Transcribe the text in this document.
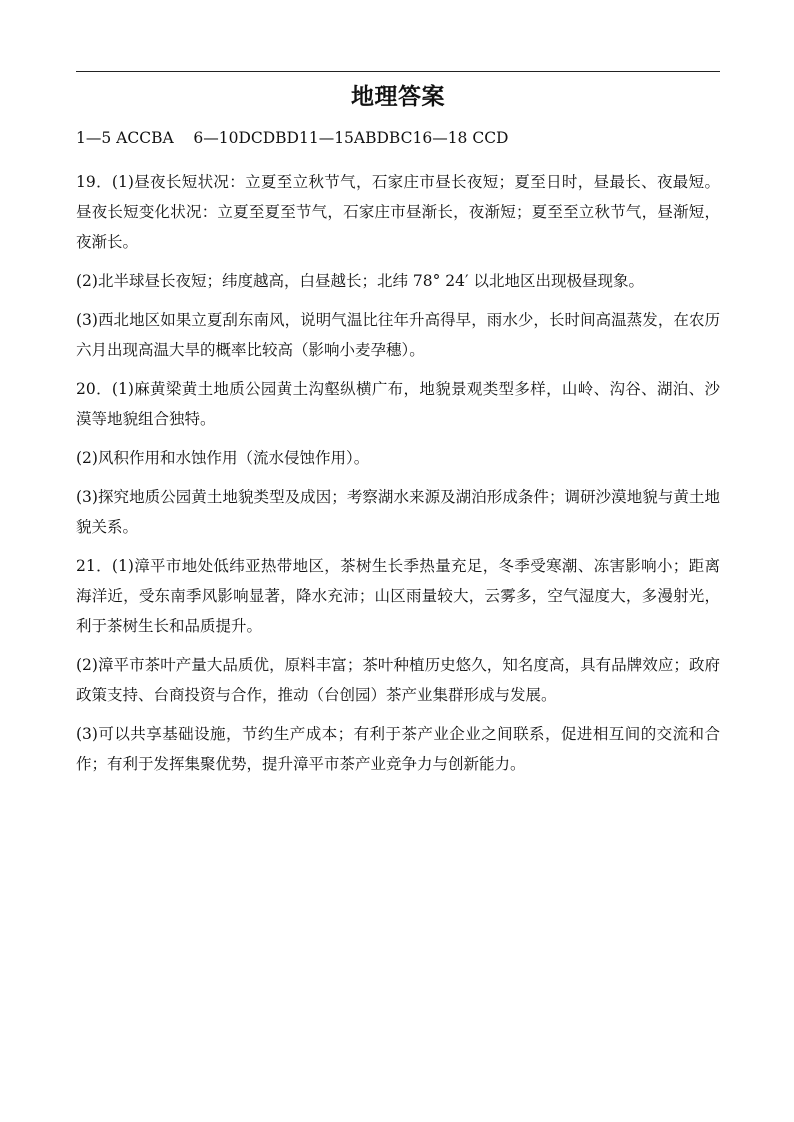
地理答案
1—5 ACCBA    6—10DCDBD11—15ABDBC16—18 CCD

19．(1)昼夜长短状况：立夏至立秋节气，石家庄市昼长夜短；夏至日时，昼最长、夜最短。昼夜长短变化状况：立夏至夏至节气，石家庄市昼渐长，夜渐短；夏至至立秋节气，昼渐短，夜渐长。

(2)北半球昼长夜短；纬度越高，白昼越长；北纬 78° 24′ 以北地区出现极昼现象。

(3)西北地区如果立夏刮东南风，说明气温比往年升高得早，雨水少，长时间高温蒸发，在农历六月出现高温大旱的概率比较高（影响小麦孕穗）。

20．(1)麻黄梁黄土地质公园黄土沟壑纵横广布，地貌景观类型多样，山岭、沟谷、湖泊、沙漠等地貌组合独特。

(2)风积作用和水蚀作用（流水侵蚀作用）。

(3)探究地质公园黄土地貌类型及成因；考察湖水来源及湖泊形成条件；调研沙漠地貌与黄土地貌关系。

21．(1)漳平市地处低纬亚热带地区，茶树生长季热量充足，冬季受寒潮、冻害影响小；距离海洋近，受东南季风影响显著，降水充沛；山区雨量较大，云雾多，空气湿度大，多漫射光，利于茶树生长和品质提升。

(2)漳平市茶叶产量大品质优，原料丰富；茶叶种植历史悠久，知名度高，具有品牌效应；政府政策支持、台商投资与合作，推动（台创园）茶产业集群形成与发展。

(3)可以共享基础设施，节约生产成本；有利于茶产业企业之间联系，促进相互间的交流和合作；有利于发挥集聚优势，提升漳平市茶产业竞争力与创新能力。
